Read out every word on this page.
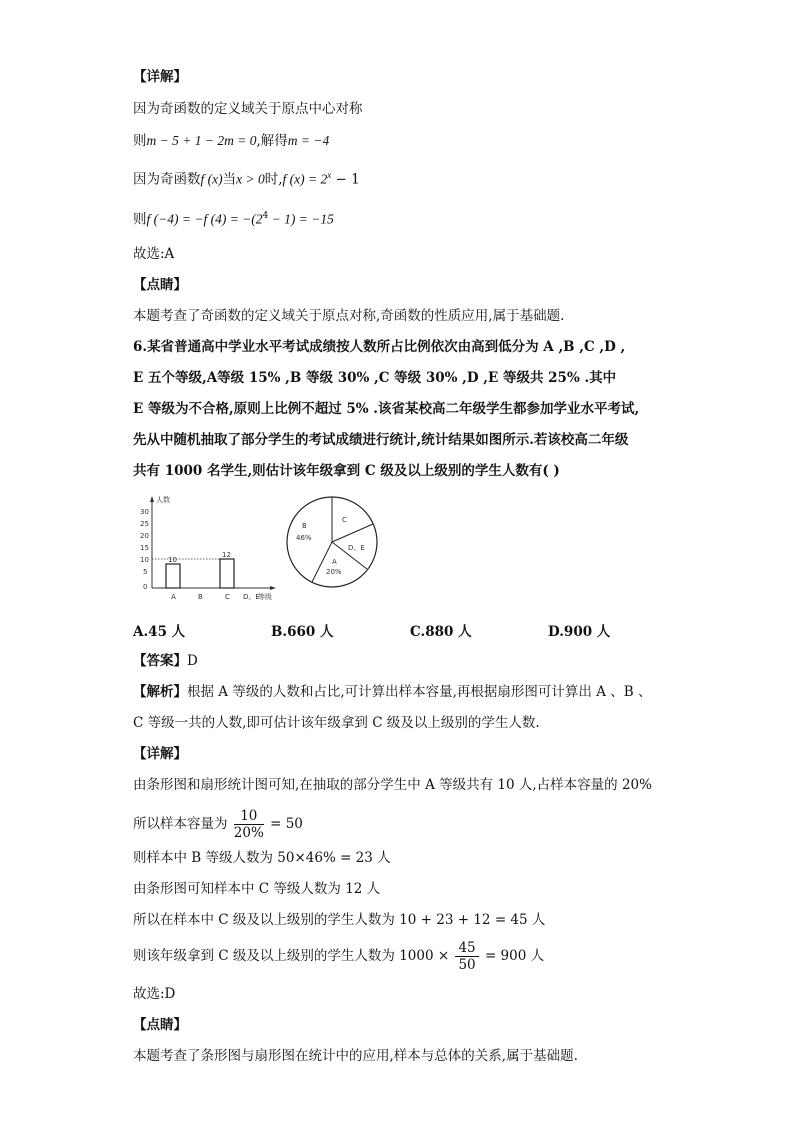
【详解】
因为奇函数的定义域关于原点中心对称
则m − 5 + 1 − 2m = 0,解得m = −4
因为奇函数f (x)当x > 0时,f $(x) = 2^x - 1$
则f (−4) = −f $(4) = -(2^4 - 1) = -15$
故选:A
【点睛】
本题考查了奇函数的定义域关于原点对称,奇函数的性质应用,属于基础题.
6.某省普通高中学业水平考试成绩按人数所占比例依次由高到低分为 A ,B ,C ,D ,
E 五个等级,A等级 15% ,B 等级 30% ,C 等级 30% ,D ,E 等级共 25% .其中
E 等级为不合格,原则上比例不超过 5% .该省某校高二年级学生都参加学业水平考试,
先从中随机抽取了部分学生的考试成绩进行统计,统计结果如图所示.若该校高二年级
共有 1000 名学生,则估计该年级拿到 C 级及以上级别的学生人数有( )
人数
等级
30
25
20
15
10
5
0
10
12
A	B	C D、E
B
46%
C
D、E
A
20%
A.45 人	B.660 人	C.880 人	D.900 人
【答案】D
【解析】根据 A 等级的人数和占比,可计算出样本容量,再根据扇形图可计算出 A 、B 、
C 等级一共的人数,即可估计该年级拿到 C 级及以上级别的学生人数.
【详解】
由条形图和扇形统计图可知,在抽取的部分学生中 A 等级共有 10 人,占样本容量的 20%
所以样本容量为 $\frac{10}{20\%} = 50$
则样本中 B 等级人数为 50×46% = 23 人
由条形图可知样本中 C 等级人数为 12 人
所以在样本中 C 级及以上级别的学生人数为 10 + 23 + 12 = 45 人
则该年级拿到 C 级及以上级别的学生人数为 $1000 \times \frac{45}{50} = 900$ 人
故选:D
【点睛】
本题考查了条形图与扇形图在统计中的应用,样本与总体的关系,属于基础题.
